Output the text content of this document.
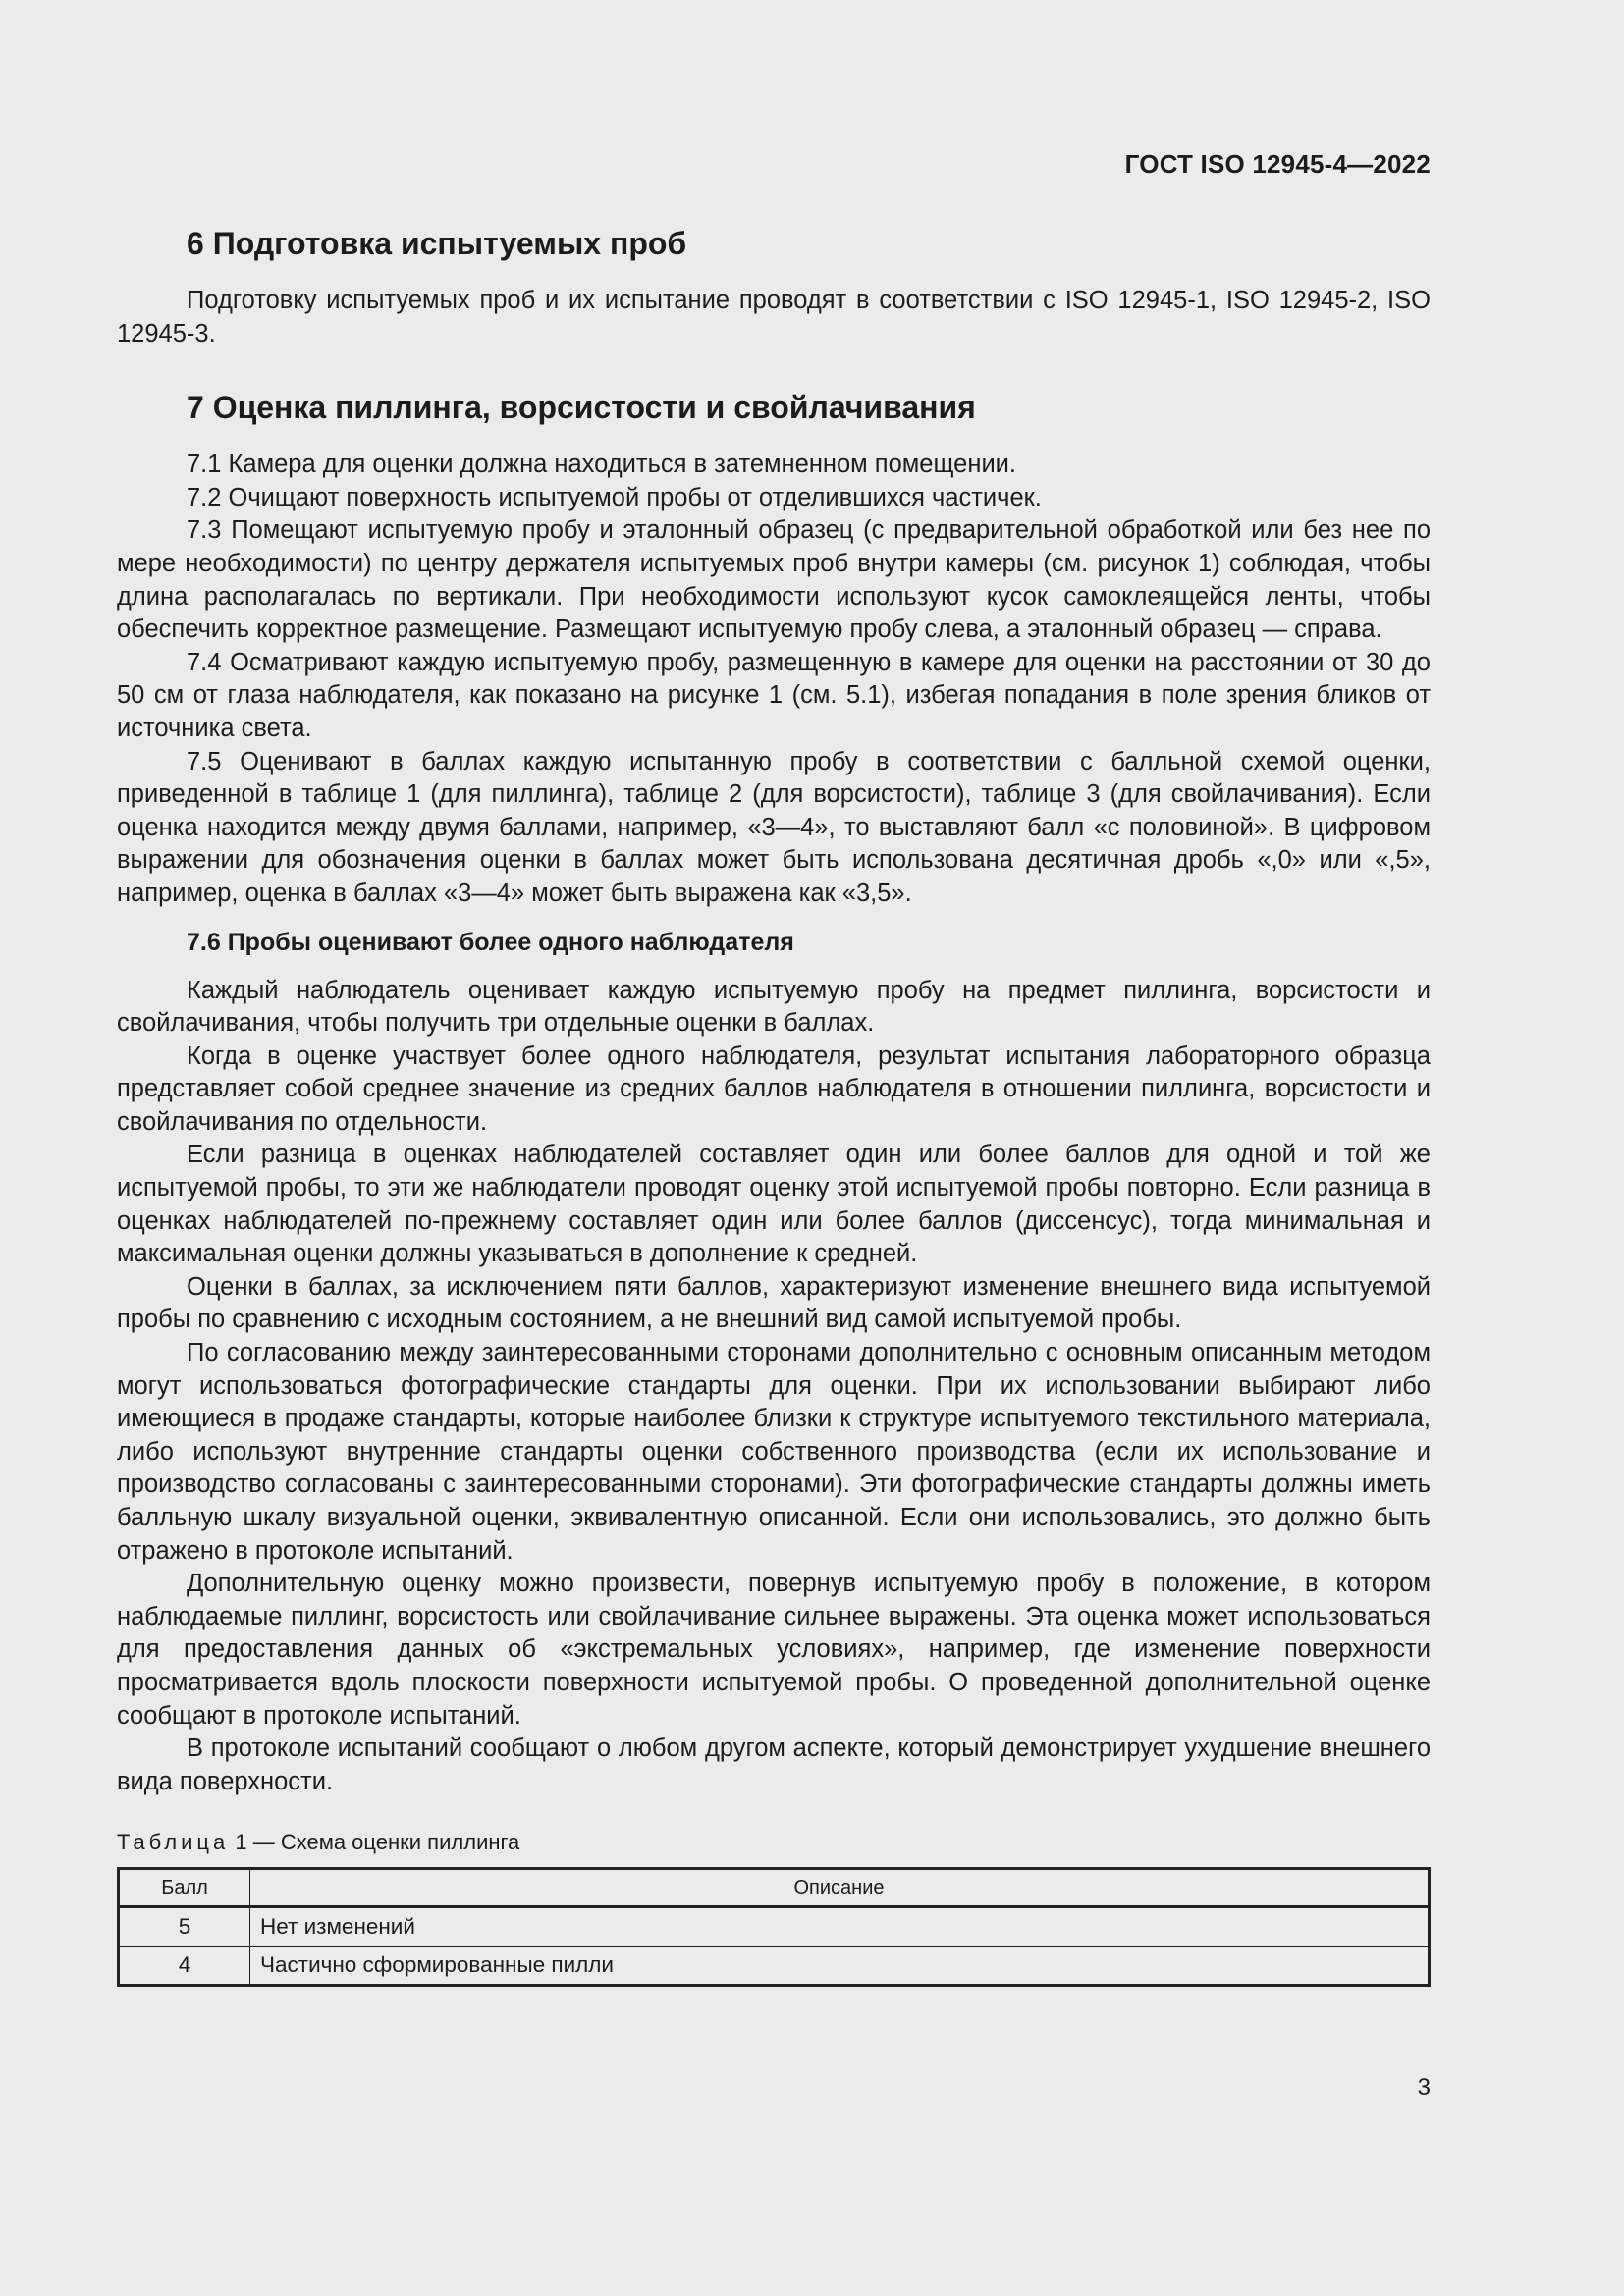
ГОСТ ISO 12945-4—2022
6 Подготовка испытуемых проб

Подготовку испытуемых проб и их испытание проводят в соответствии с ISO 12945-1, ISO 12945-2, ISO 12945-3.

7 Оценка пиллинга, ворсистости и свойлачивания

7.1 Камера для оценки должна находиться в затемненном помещении.

7.2 Очищают поверхность испытуемой пробы от отделившихся частичек.

7.3 Помещают испытуемую пробу и эталонный образец (с предварительной обработкой или без нее по мере необходимости) по центру держателя испытуемых проб внутри камеры (см. рисунок 1) соблюдая, чтобы длина располагалась по вертикали. При необходимости используют кусок самоклеящейся ленты, чтобы обеспечить корректное размещение. Размещают испытуемую пробу слева, а эталонный образец — справа.

7.4 Осматривают каждую испытуемую пробу, размещенную в камере для оценки на расстоянии от 30 до 50 см от глаза наблюдателя, как показано на рисунке 1 (см. 5.1), избегая попадания в поле зрения бликов от источника света.

7.5 Оценивают в баллах каждую испытанную пробу в соответствии с балльной схемой оценки, приведенной в таблице 1 (для пиллинга), таблице 2 (для ворсистости), таблице 3 (для свойлачивания). Если оценка находится между двумя баллами, например, «3—4», то выставляют балл «с половиной». В цифровом выражении для обозначения оценки в баллах может быть использована десятичная дробь «,0» или «,5», например, оценка в баллах «3—4» может быть выражена как «3,5».

7.6 Пробы оценивают более одного наблюдателя

Каждый наблюдатель оценивает каждую испытуемую пробу на предмет пиллинга, ворсистости и свойлачивания, чтобы получить три отдельные оценки в баллах.

Когда в оценке участвует более одного наблюдателя, результат испытания лабораторного образца представляет собой среднее значение из средних баллов наблюдателя в отношении пиллинга, ворсистости и свойлачивания по отдельности.

Если разница в оценках наблюдателей составляет один или более баллов для одной и той же испытуемой пробы, то эти же наблюдатели проводят оценку этой испытуемой пробы повторно. Если разница в оценках наблюдателей по-прежнему составляет один или более баллов (диссенсус), тогда минимальная и максимальная оценки должны указываться в дополнение к средней.

Оценки в баллах, за исключением пяти баллов, характеризуют изменение внешнего вида испытуемой пробы по сравнению с исходным состоянием, а не внешний вид самой испытуемой пробы.

По согласованию между заинтересованными сторонами дополнительно с основным описанным методом могут использоваться фотографические стандарты для оценки. При их использовании выбирают либо имеющиеся в продаже стандарты, которые наиболее близки к структуре испытуемого текстильного материала, либо используют внутренние стандарты оценки собственного производства (если их использование и производство согласованы с заинтересованными сторонами). Эти фотографические стандарты должны иметь балльную шкалу визуальной оценки, эквивалентную описанной. Если они использовались, это должно быть отражено в протоколе испытаний.

Дополнительную оценку можно произвести, повернув испытуемую пробу в положение, в котором наблюдаемые пиллинг, ворсистость или свойлачивание сильнее выражены. Эта оценка может использоваться для предоставления данных об «экстремальных условиях», например, где изменение поверхности просматривается вдоль плоскости поверхности испытуемой пробы. О проведенной дополнительной оценке сообщают в протоколе испытаний.

В протоколе испытаний сообщают о любом другом аспекте, который демонстрирует ухудшение внешнего вида поверхности.

Таблица 1 — Схема оценки пиллинга
Балл	Описание
5	Нет изменений
4	Частично сформированные пилли
3
